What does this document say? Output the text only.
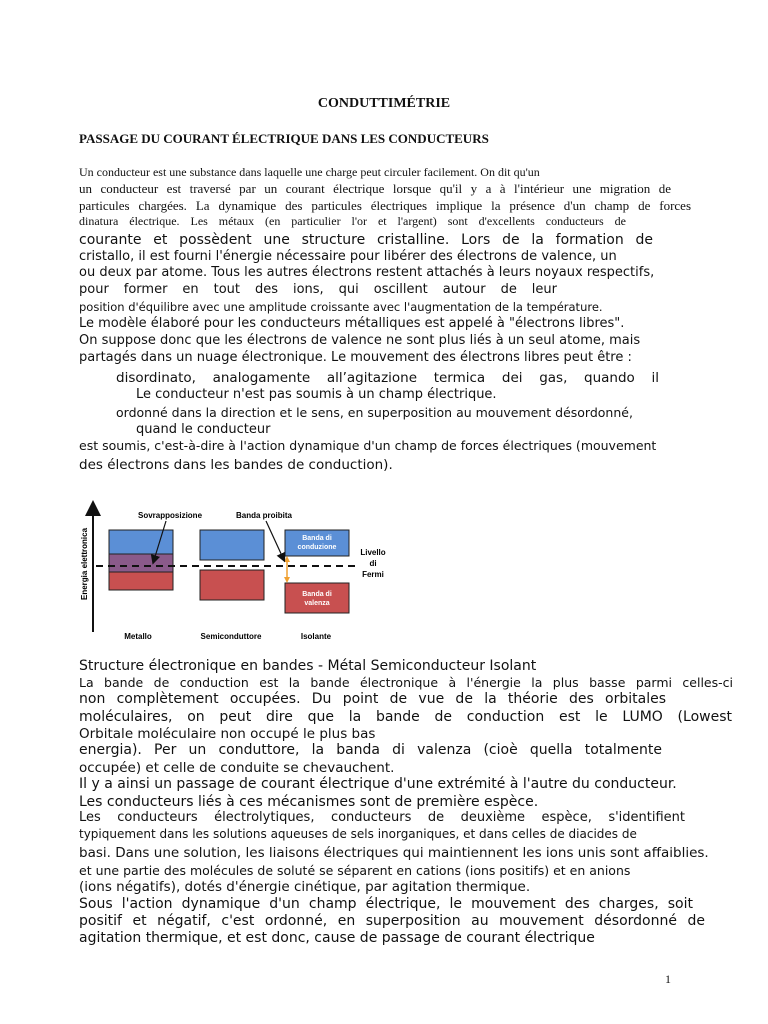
CONDUTTIMÉTRIE
PASSAGE DU COURANT ÉLECTRIQUE DANS LES CONDUCTEURS
Un conducteur est une substance dans laquelle une charge peut circuler facilement. On dit qu'un
un conducteur est traversé par un courant électrique lorsque qu'il y a à l'intérieur une migration de
particules chargées. La dynamique des particules électriques implique la présence d'un champ de forces
dinatura électrique. Les métaux (en particulier l'or et l'argent) sont d'excellents conducteurs de
courante et possèdent une structure cristalline. Lors de la formation de
cristallo, il est fourni l'énergie nécessaire pour libérer des électrons de valence, un
ou deux par atome. Tous les autres électrons restent attachés à leurs noyaux respectifs,
pour former en tout des ions, qui oscillent autour de leur
position d'équilibre avec une amplitude croissante avec l'augmentation de la température.
Le modèle élaboré pour les conducteurs métalliques est appelé à "électrons libres".
On suppose donc que les électrons de valence ne sont plus liés à un seul atome, mais
partagés dans un nuage électronique. Le mouvement des électrons libres peut être :
disordinato, analogamente all’agitazione termica dei gas, quando il
Le conducteur n'est pas soumis à un champ électrique.
ordonné dans la direction et le sens, en superposition au mouvement désordonné,
quand le conducteur
est soumis, c'est-à-dire à l'action dynamique d'un champ de forces électriques (mouvement
des électrons dans les bandes de conduction).
Energia elettronica
Sovrapposizione	Banda proibita
Banda di conduzione
Banda di valenza
Livello di Fermi
Metallo	Semiconduttore	Isolante
Structure électronique en bandes - Métal Semiconducteur Isolant
La bande de conduction est la bande électronique à l'énergie la plus basse parmi celles-ci
non complètement occupées. Du point de vue de la théorie des orbitales
moléculaires, on peut dire que la bande de conduction est le LUMO (Lowest
Orbitale moléculaire non occupé le plus bas
energia). Per un conduttore, la banda di valenza (cioè quella totalmente
occupée) et celle de conduite se chevauchent.
Il y a ainsi un passage de courant électrique d'une extrémité à l'autre du conducteur.
Les conducteurs liés à ces mécanismes sont de première espèce.
Les conducteurs électrolytiques, conducteurs de deuxième espèce, s'identifient
typiquement dans les solutions aqueuses de sels inorganiques, et dans celles de diacides de
basi. Dans une solution, les liaisons électriques qui maintiennent les ions unis sont affaiblies.
et une partie des molécules de soluté se séparent en cations (ions positifs) et en anions
(ions négatifs), dotés d'énergie cinétique, par agitation thermique.
Sous l'action dynamique d'un champ électrique, le mouvement des charges, soit
positif et négatif, c'est ordonné, en superposition au mouvement désordonné de
agitation thermique, et est donc, cause de passage de courant électrique
1
